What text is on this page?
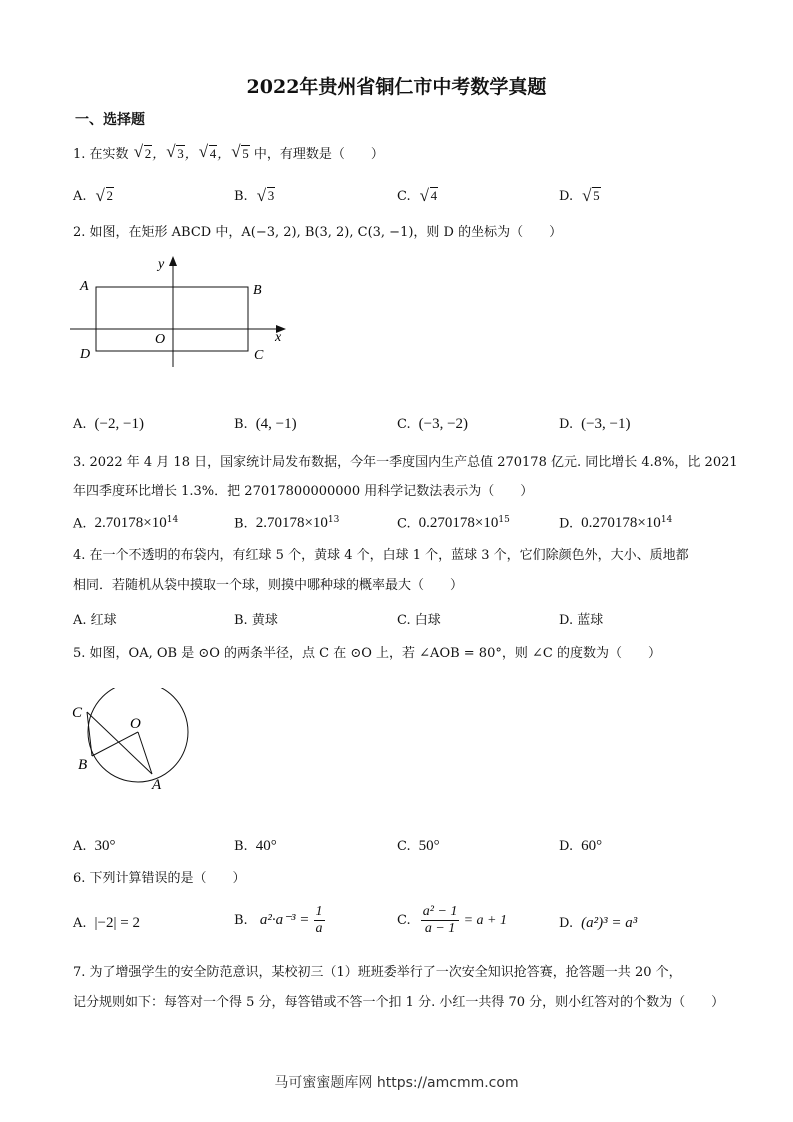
2022年贵州省铜仁市中考数学真题
一、选择题
1. 在实数 √ 2， √ 3， √ 4， √ 5 中，有理数是（　　）
A. √ 2	B. √ 3	C. √ 4	D. √ 5
2. 如图，在矩形 ABCD 中，A(−3, 2), B(3, 2), C(3, −1)，则 D 的坐标为（　　）
A	B
C
D
O	x
y
A. (−2, −1)	B. (4, −1)	C. (−3, −2)	D. (−3, −1)
3. 2022 年 4 月 18 日，国家统计局发布数据，今年一季度国内生产总值 270178 亿元. 同比增长 4.8%，比 2021
年四季度环比增长 1.3%．把 27017800000000 用科学记数法表示为（　　）
A. $2.70178\times 10^{14}$	B. $2.70178\times 10^{13}$	C. $0.270178\times 10^{15}$	D. $0.270178\times 10^{14}$
4. 在一个不透明的布袋内，有红球 5 个，黄球 4 个，白球 1 个，蓝球 3 个，它们除颜色外，大小、质地都
相同．若随机从袋中摸取一个球，则摸中哪种球的概率最大（　　）
A. 红球	B. 黄球	C. 白球	D. 蓝球
5. 如图，OA, OB 是 ⊙O 的两条半径，点 C 在 ⊙O 上，若 ∠AOB = 80°，则 ∠C 的度数为（　　）
C
O
B
A
A. 30°	B. 40°	C. 50°	D. 60°
6. 下列计算错误的是（　　）
A. |−2| = 2	B. $a^2\cdot a^{-3} = \frac{1}{a}$	C. $\frac{\text{a² − 1}}{a - 1} = a + 1$	D. (a²)³ = a³
7. 为了增强学生的安全防范意识，某校初三（1）班班委举行了一次安全知识抢答赛，抢答题一共 20 个，
记分规则如下：每答对一个得 5 分，每答错或不答一个扣 1 分. 小红一共得 70 分，则小红答对的个数为（　　）
马可蜜蜜题库网 https://amcmm.com
